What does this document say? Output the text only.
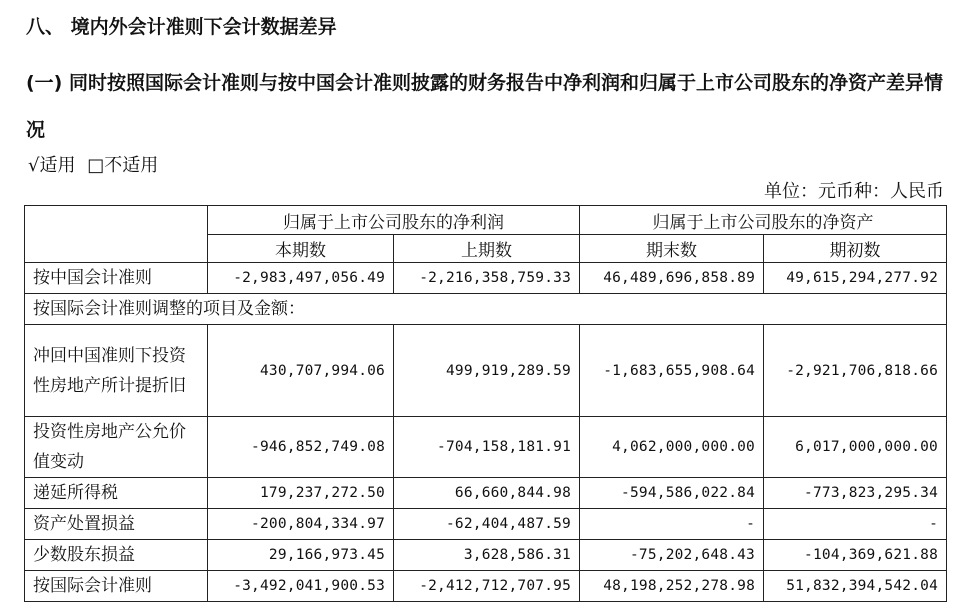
八、 境内外会计准则下会计数据差异
(一) 同时按照国际会计准则与按中国会计准则披露的财务报告中净利润和归属于上市公司股东的净资产差异情况
√适用 □不适用
单位：元币种：人民币
	归属于上市公司股东的净利润		归属于上市公司股东的净资产	
	本期数	上期数	期末数	期初数
按中国会计准则	-2,983,497,056.49	-2,216,358,759.33	46,489,696,858.89	49,615,294,277.92
按国际会计准则调整的项目及金额：				
冲回中国准则下投资性房地产所计提折旧	430,707,994.06	499,919,289.59	-1,683,655,908.64	-2,921,706,818.66
投资性房地产公允价值变动	-946,852,749.08	-704,158,181.91	4,062,000,000.00	6,017,000,000.00
递延所得税	179,237,272.50	66,660,844.98	-594,586,022.84	-773,823,295.34
资产处置损益	-200,804,334.97	-62,404,487.59	-	-
少数股东损益	29,166,973.45	3,628,586.31	-75,202,648.43	-104,369,621.88
按国际会计准则	-3,492,041,900.53	-2,412,712,707.95	48,198,252,278.98	51,832,394,542.04
